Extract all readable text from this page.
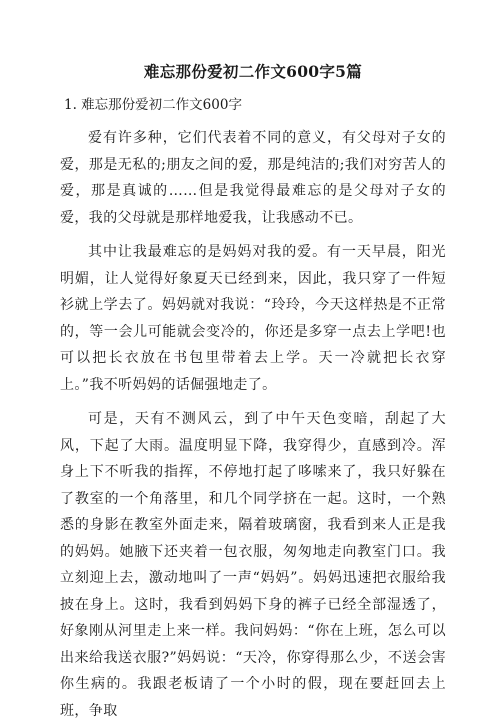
难忘那份爱初二作文600字5篇
1. 难忘那份爱初二作文600字

爱有许多种，它们代表着不同的意义，有父母对子女的爱，那是无私的;朋友之间的爱，那是纯洁的;我们对穷苦人的爱，那是真诚的……但是我觉得最难忘的是父母对子女的爱，我的父母就是那样地爱我，让我感动不已。

其中让我最难忘的是妈妈对我的爱。有一天早晨，阳光明媚，让人觉得好象夏天已经到来，因此，我只穿了一件短衫就上学去了。妈妈就对我说：“玲玲，今天这样热是不正常的，等一会儿可能就会变冷的，你还是多穿一点去上学吧!也可以把长衣放在书包里带着去上学。天一冷就把长衣穿上。”我不听妈妈的话倔强地走了。

可是，天有不测风云，到了中午天色变暗，刮起了大风，下起了大雨。温度明显下降，我穿得少，直感到冷。浑身上下不听我的指挥，不停地打起了哆嗦来了，我只好躲在了教室的一个角落里，和几个同学挤在一起。这时，一个熟悉的身影在教室外面走来，隔着玻璃窗，我看到来人正是我的妈妈。她腋下还夹着一包衣服，匆匆地走向教室门口。我立刻迎上去，激动地叫了一声“妈妈”。妈妈迅速把衣服给我披在身上。这时，我看到妈妈下身的裤子已经全部湿透了，好象刚从河里走上来一样。我问妈妈：“你在上班，怎么可以出来给我送衣服?”妈妈说：“天冷，你穿得那么少，不送会害你生病的。我跟老板请了一个小时的假，现在要赶回去上班，争取
